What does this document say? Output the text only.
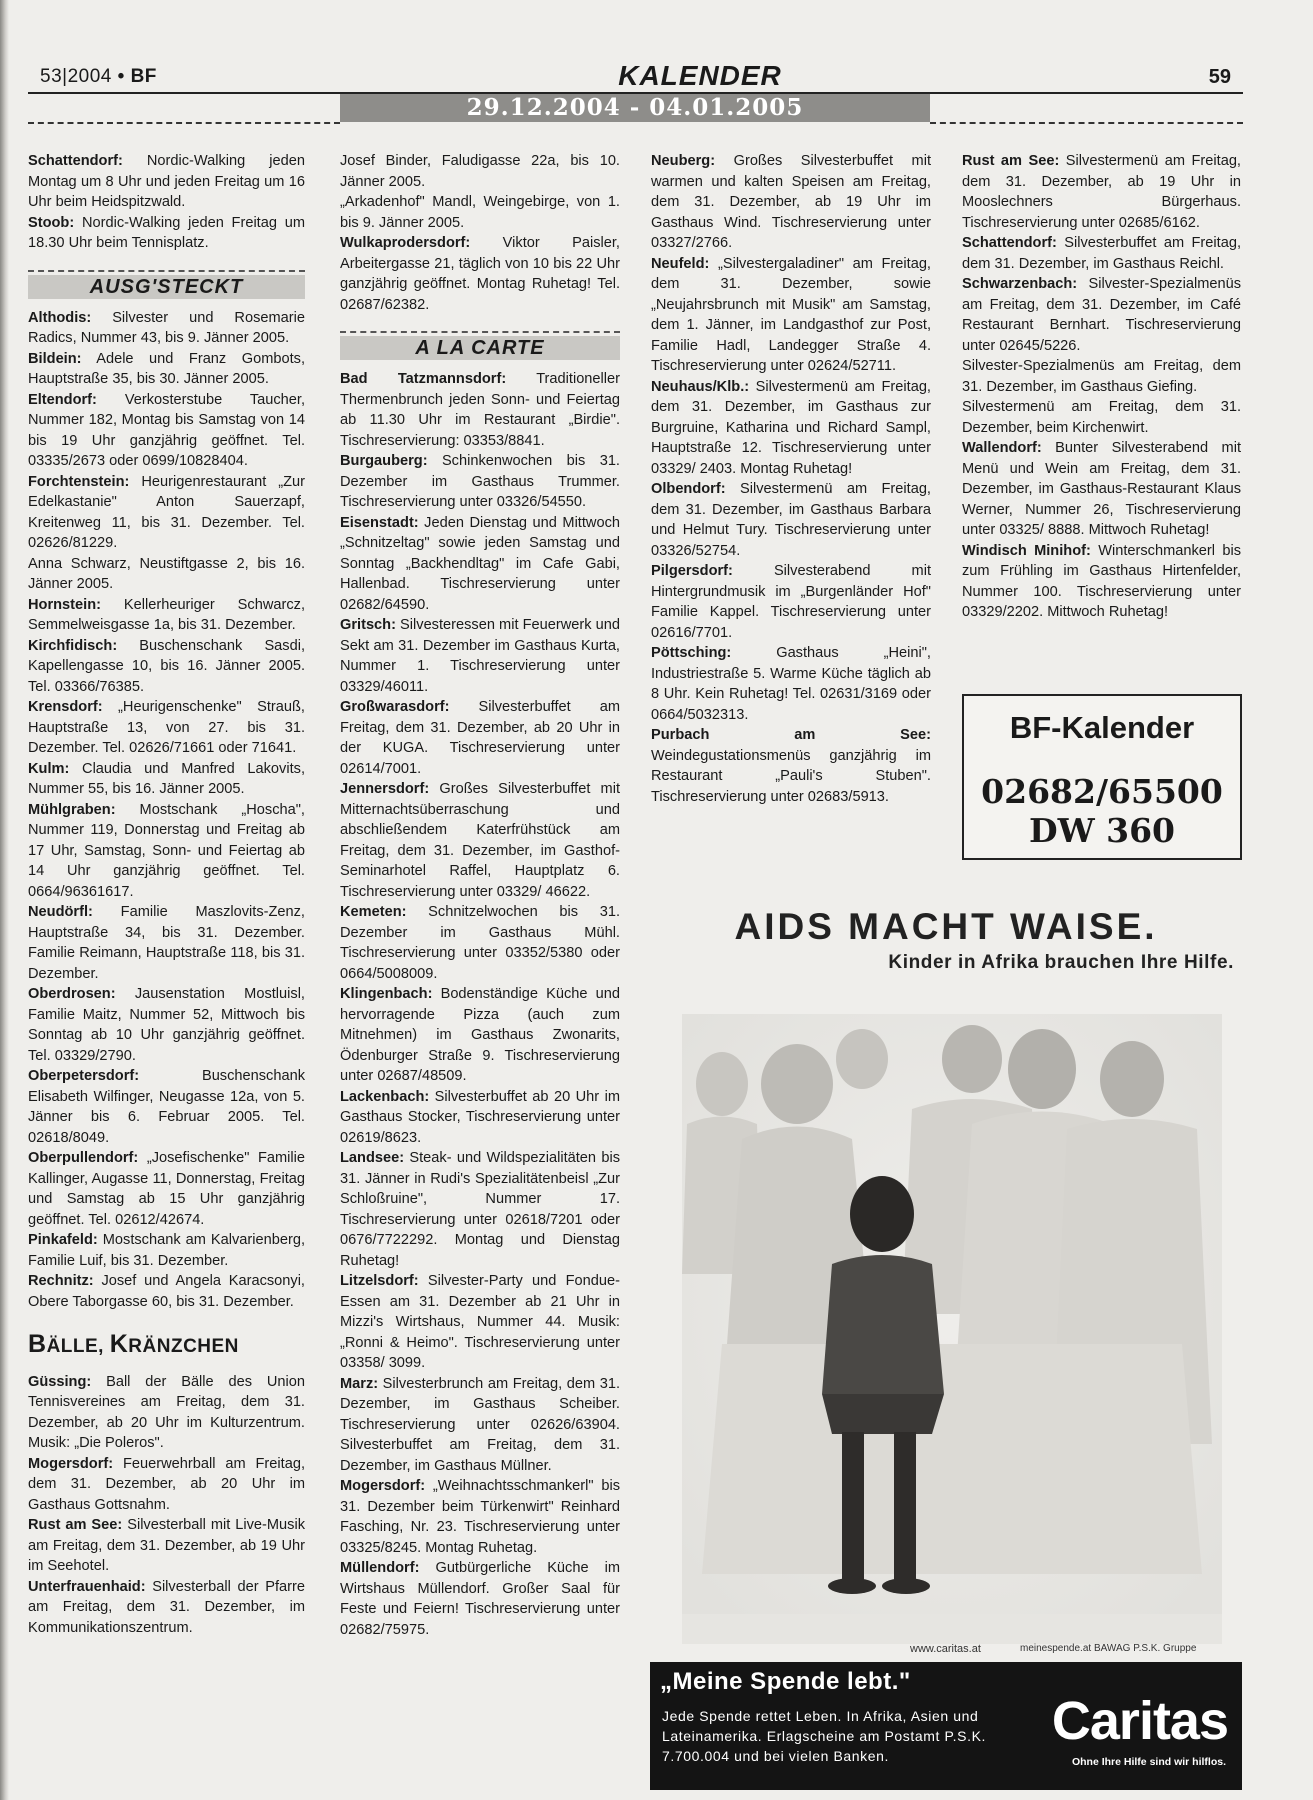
53|2004 • BF	KALENDER	59
29.12.2004 - 04.01.2005

Schattendorf: Nordic-Walking jeden Montag um 8 Uhr und jeden Freitag um 16 Uhr beim Heidspitzwald.

Stoob: Nordic-Walking jeden Freitag um 18.30 Uhr beim Tennisplatz.

AUSG'STECKT

Althodis: Silvester und Rosemarie Radics, Nummer 43, bis 9. Jänner 2005.

Bildein: Adele und Franz Gombots, Hauptstraße 35, bis 30. Jänner 2005.

Eltendorf: Verkosterstube Taucher, Nummer 182, Montag bis Samstag von 14 bis 19 Uhr ganzjährig geöffnet. Tel. 03335/2673 oder 0699/10828404.

Forchtenstein: Heurigenrestaurant „Zur Edelkastanie" Anton Sauerzapf, Kreitenweg 11, bis 31. Dezember. Tel. 02626/81229.

Anna Schwarz, Neustiftgasse 2, bis 16. Jänner 2005.

Hornstein: Kellerheuriger Schwarcz, Semmelweisgasse 1a, bis 31. Dezember.

Kirchfidisch: Buschenschank Sasdi, Kapellengasse 10, bis 16. Jänner 2005. Tel. 03366/76385.

Krensdorf: „Heurigenschenke" Strauß, Hauptstraße 13, von 27. bis 31. Dezember. Tel. 02626/71661 oder 71641.

Kulm: Claudia und Manfred Lakovits, Nummer 55, bis 16. Jänner 2005.

Mühlgraben: Mostschank „Hoscha", Nummer 119, Donnerstag und Freitag ab 17 Uhr, Samstag, Sonn- und Feiertag ab 14 Uhr ganzjährig geöffnet. Tel. 0664/96361617.

Neudörfl: Familie Maszlovits-Zenz, Hauptstraße 34, bis 31. Dezember. Familie Reimann, Hauptstraße 118, bis 31. Dezember.

Oberdrosen: Jausenstation Mostluisl, Familie Maitz, Nummer 52, Mittwoch bis Sonntag ab 10 Uhr ganzjährig geöffnet. Tel. 03329/2790.

Oberpetersdorf: Buschenschank Elisabeth Wilfinger, Neugasse 12a, von 5. Jänner bis 6. Februar 2005. Tel. 02618/8049.

Oberpullendorf: „Josefischenke" Familie Kallinger, Augasse 11, Donnerstag, Freitag und Samstag ab 15 Uhr ganzjährig geöffnet. Tel. 02612/42674.

Pinkafeld: Mostschank am Kalvarienberg, Familie Luif, bis 31. Dezember.

Rechnitz: Josef und Angela Karacsonyi, Obere Taborgasse 60, bis 31. Dezember.

BÄLLE, KRÄNZCHEN

Güssing: Ball der Bälle des Union Tennisvereines am Freitag, dem 31. Dezember, ab 20 Uhr im Kulturzentrum. Musik: „Die Poleros".

Mogersdorf: Feuerwehrball am Freitag, dem 31. Dezember, ab 20 Uhr im Gasthaus Gottsnahm.

Rust am See: Silvesterball mit Live-Musik am Freitag, dem 31. Dezember, ab 19 Uhr im Seehotel.

Unterfrauenhaid: Silvesterball der Pfarre am Freitag, dem 31. Dezember, im Kommunikationszentrum.

Josef Binder, Faludigasse 22a, bis 10. Jänner 2005.

„Arkadenhof" Mandl, Weingebirge, von 1. bis 9. Jänner 2005.

Wulkaprodersdorf: Viktor Paisler, Arbeitergasse 21, täglich von 10 bis 22 Uhr ganzjährig geöffnet. Montag Ruhetag! Tel. 02687/62382.

A LA CARTE

Bad Tatzmannsdorf: Traditioneller Thermenbrunch jeden Sonn- und Feiertag ab 11.30 Uhr im Restaurant „Birdie". Tischreservierung: 03353/8841.

Burgauberg: Schinkenwochen bis 31. Dezember im Gasthaus Trummer. Tischreservierung unter 03326/54550.

Eisenstadt: Jeden Dienstag und Mittwoch „Schnitzeltag" sowie jeden Samstag und Sonntag „Backhendltag" im Cafe Gabi, Hallenbad. Tischreservierung unter 02682/64590.

Gritsch: Silvesteressen mit Feuerwerk und Sekt am 31. Dezember im Gasthaus Kurta, Nummer 1. Tischreservierung unter 03329/46011.

Großwarasdorf: Silvesterbuffet am Freitag, dem 31. Dezember, ab 20 Uhr in der KUGA. Tischreservierung unter 02614/7001.

Jennersdorf: Großes Silvesterbuffet mit Mitternachtsüberraschung und abschließendem Katerfrühstück am Freitag, dem 31. Dezember, im Gasthof-Seminarhotel Raffel, Hauptplatz 6. Tischreservierung unter 03329/ 46622.

Kemeten: Schnitzelwochen bis 31. Dezember im Gasthaus Mühl. Tischreservierung unter 03352/5380 oder 0664/5008009.

Klingenbach: Bodenständige Küche und hervorragende Pizza (auch zum Mitnehmen) im Gasthaus Zwonarits, Ödenburger Straße 9. Tischreservierung unter 02687/48509.

Lackenbach: Silvesterbuffet ab 20 Uhr im Gasthaus Stocker, Tischreservierung unter 02619/8623.

Landsee: Steak- und Wildspezialitäten bis 31. Jänner in Rudi's Spezialitätenbeisl „Zur Schloßruine", Nummer 17. Tischreservierung unter 02618/7201 oder 0676/7722292. Montag und Dienstag Ruhetag!

Litzelsdorf: Silvester-Party und Fondue-Essen am 31. Dezember ab 21 Uhr in Mizzi's Wirtshaus, Nummer 44. Musik: „Ronni & Heimo". Tischreservierung unter 03358/ 3099.

Marz: Silvesterbrunch am Freitag, dem 31. Dezember, im Gasthaus Scheiber. Tischreservierung unter 02626/63904. Silvesterbuffet am Freitag, dem 31. Dezember, im Gasthaus Müllner.

Mogersdorf: „Weihnachtsschmankerl" bis 31. Dezember beim Türkenwirt" Reinhard Fasching, Nr. 23. Tischreservierung unter 03325/8245. Montag Ruhetag.

Müllendorf: Gutbürgerliche Küche im Wirtshaus Müllendorf. Großer Saal für Feste und Feiern! Tischreservierung unter 02682/75975.

Neuberg: Großes Silvesterbuffet mit warmen und kalten Speisen am Freitag, dem 31. Dezember, ab 19 Uhr im Gasthaus Wind. Tischreservierung unter 03327/2766.

Neufeld: „Silvestergaladiner" am Freitag, dem 31. Dezember, sowie „Neujahrsbrunch mit Musik" am Samstag, dem 1. Jänner, im Landgasthof zur Post, Familie Hadl, Landegger Straße 4. Tischreservierung unter 02624/52711.

Neuhaus/Klb.: Silvestermenü am Freitag, dem 31. Dezember, im Gasthaus zur Burgruine, Katharina und Richard Sampl, Hauptstraße 12. Tischreservierung unter 03329/ 2403. Montag Ruhetag!

Olbendorf: Silvestermenü am Freitag, dem 31. Dezember, im Gasthaus Barbara und Helmut Tury. Tischreservierung unter 03326/52754.

Pilgersdorf: Silvesterabend mit Hintergrundmusik im „Burgenländer Hof" Familie Kappel. Tischreservierung unter 02616/7701.

Pöttsching: Gasthaus „Heini", Industriestraße 5. Warme Küche täglich ab 8 Uhr. Kein Ruhetag! Tel. 02631/3169 oder 0664/5032313.

Purbach am See: Weindegustationsmenüs ganzjährig im Restaurant „Pauli's Stuben". Tischreservierung unter 02683/5913.

Rust am See: Silvestermenü am Freitag, dem 31. Dezember, ab 19 Uhr in Mooslechners Bürgerhaus. Tischreservierung unter 02685/6162.

Schattendorf: Silvesterbuffet am Freitag, dem 31. Dezember, im Gasthaus Reichl.

Schwarzenbach: Silvester-Spezialmenüs am Freitag, dem 31. Dezember, im Café Restaurant Bernhart. Tischreservierung unter 02645/5226.

Silvester-Spezialmenüs am Freitag, dem 31. Dezember, im Gasthaus Giefing.

Silvestermenü am Freitag, dem 31. Dezember, beim Kirchenwirt.

Wallendorf: Bunter Silvesterabend mit Menü und Wein am Freitag, dem 31. Dezember, im Gasthaus-Restaurant Klaus Werner, Nummer 26, Tischreservierung unter 03325/ 8888. Mittwoch Ruhetag!

Windisch Minihof: Winterschmankerl bis zum Frühling im Gasthaus Hirtenfelder, Nummer 100. Tischreservierung unter 03329/2202. Mittwoch Ruhetag!

BF-Kalender
02682/65500
DW 360
AIDS MACHT WAISE.
Kinder in Afrika brauchen Ihre Hilfe.
www.caritas.at	meinespende.at BAWAG P.S.K. Gruppe
„Meine Spende lebt."
Jede Spende rettet Leben. In Afrika, Asien und Lateinamerika. Erlagscheine am Postamt P.S.K. 7.700.004 und bei vielen Banken.
Caritas
Ohne Ihre Hilfe sind wir hilflos.
